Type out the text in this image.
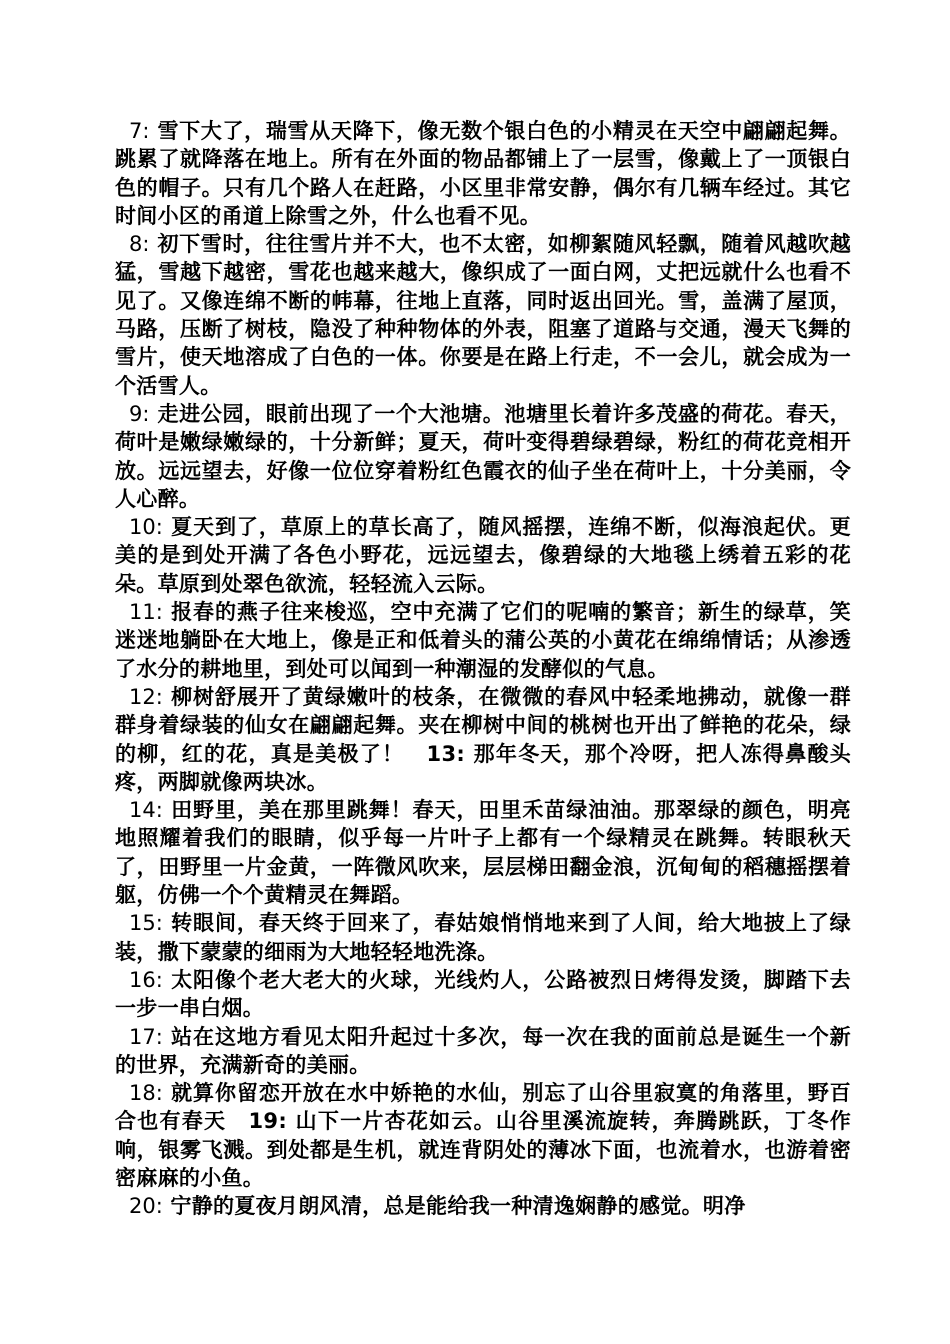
7: 雪下大了，瑞雪从天降下，像无数个银白色的小精灵在天空中翩翩起舞。跳累了就降落在地上。所有在外面的物品都铺上了一层雪，像戴上了一顶银白色的帽子。只有几个路人在赶路，小区里非常安静，偶尔有几辆车经过。其它时间小区的甬道上除雪之外，什么也看不见。

8: 初下雪时，往往雪片并不大，也不太密，如柳絮随风轻飘，随着风越吹越猛，雪越下越密，雪花也越来越大，像织成了一面白网，丈把远就什么也看不见了。又像连绵不断的帏幕，往地上直落，同时返出回光。雪，盖满了屋顶，马路，压断了树枝，隐没了种种物体的外表，阻塞了道路与交通，漫天飞舞的雪片，使天地溶成了白色的一体。你要是在路上行走，不一会儿，就会成为一个活雪人。

9: 走进公园，眼前出现了一个大池塘。池塘里长着许多茂盛的荷花。春天，荷叶是嫩绿嫩绿的，十分新鲜；夏天，荷叶变得碧绿碧绿，粉红的荷花竞相开放。远远望去，好像一位位穿着粉红色霞衣的仙子坐在荷叶上，十分美丽，令人心醉。

10: 夏天到了，草原上的草长高了，随风摇摆，连绵不断，似海浪起伏。更美的是到处开满了各色小野花，远远望去，像碧绿的大地毯上绣着五彩的花朵。草原到处翠色欲流，轻轻流入云际。

11: 报春的燕子往来梭巡，空中充满了它们的呢喃的繁音；新生的绿草，笑迷迷地躺卧在大地上，像是正和低着头的蒲公英的小黄花在绵绵情话；从渗透了水分的耕地里，到处可以闻到一种潮湿的发酵似的气息。

12: 柳树舒展开了黄绿嫩叶的枝条，在微微的春风中轻柔地拂动，就像一群群身着绿装的仙女在翩翩起舞。夹在柳树中间的桃树也开出了鲜艳的花朵，绿的柳，红的花，真是美极了！　13: 那年冬天，那个冷呀，把人冻得鼻酸头疼，两脚就像两块冰。

14: 田野里，美在那里跳舞！春天，田里禾苗绿油油。那翠绿的颜色，明亮地照耀着我们的眼睛，似乎每一片叶子上都有一个绿精灵在跳舞。转眼秋天了，田野里一片金黄，一阵微风吹来，层层梯田翻金浪，沉甸甸的稻穗摇摆着躯，仿佛一个个黄精灵在舞蹈。

15: 转眼间，春天终于回来了，春姑娘悄悄地来到了人间，给大地披上了绿装，撒下蒙蒙的细雨为大地轻轻地洗涤。

16: 太阳像个老大老大的火球，光线灼人，公路被烈日烤得发烫，脚踏下去一步一串白烟。

17: 站在这地方看见太阳升起过十多次，每一次在我的面前总是诞生一个新的世界，充满新奇的美丽。

18: 就算你留恋开放在水中娇艳的水仙，别忘了山谷里寂寞的角落里，野百合也有春天　19: 山下一片杏花如云。山谷里溪流旋转，奔腾跳跃，丁冬作响，银雾飞溅。到处都是生机，就连背阴处的薄冰下面，也流着水，也游着密密麻麻的小鱼。

20: 宁静的夏夜月朗风清，总是能给我一种清逸娴静的感觉。明净
